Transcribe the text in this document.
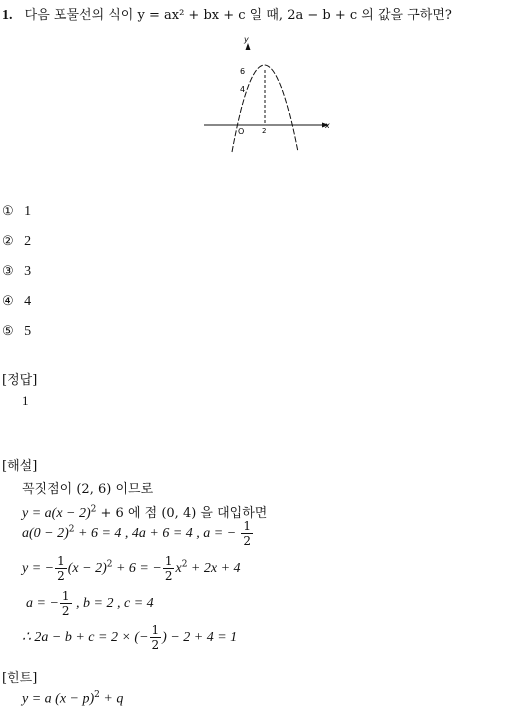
1. 다음 포물선의 식이 y = ax² + bx + c 일 때, 2a − b + c 의 값을 구하면?
y
x
O
6
4
2
① 1
② 2
③ 3
④ 4
⑤ 5
[정답]
1
[해설]
꼭짓점이 (2, 6) 이므로
$y = a(x - 2)^2 + 6$ 에 점 (0, 4) 을 대입하면
$a(0 - 2)^2 + 6 = 4$ , 4a + 6 = 4 , a = − $\frac{1}{2}$
y = − $\frac{1}{2} (x - 2)^2 + 6$ = − $\frac{1}{2} x^2 + 2x + 4$
a = − $\frac{1}{2}$ , b = 2 , c = 4
∴ 2a − b + c = 2 × (− $\frac{1}{2}$ ) − 2 + 4 = 1
[힌트]
y = a $(x - p)^2 + q$
